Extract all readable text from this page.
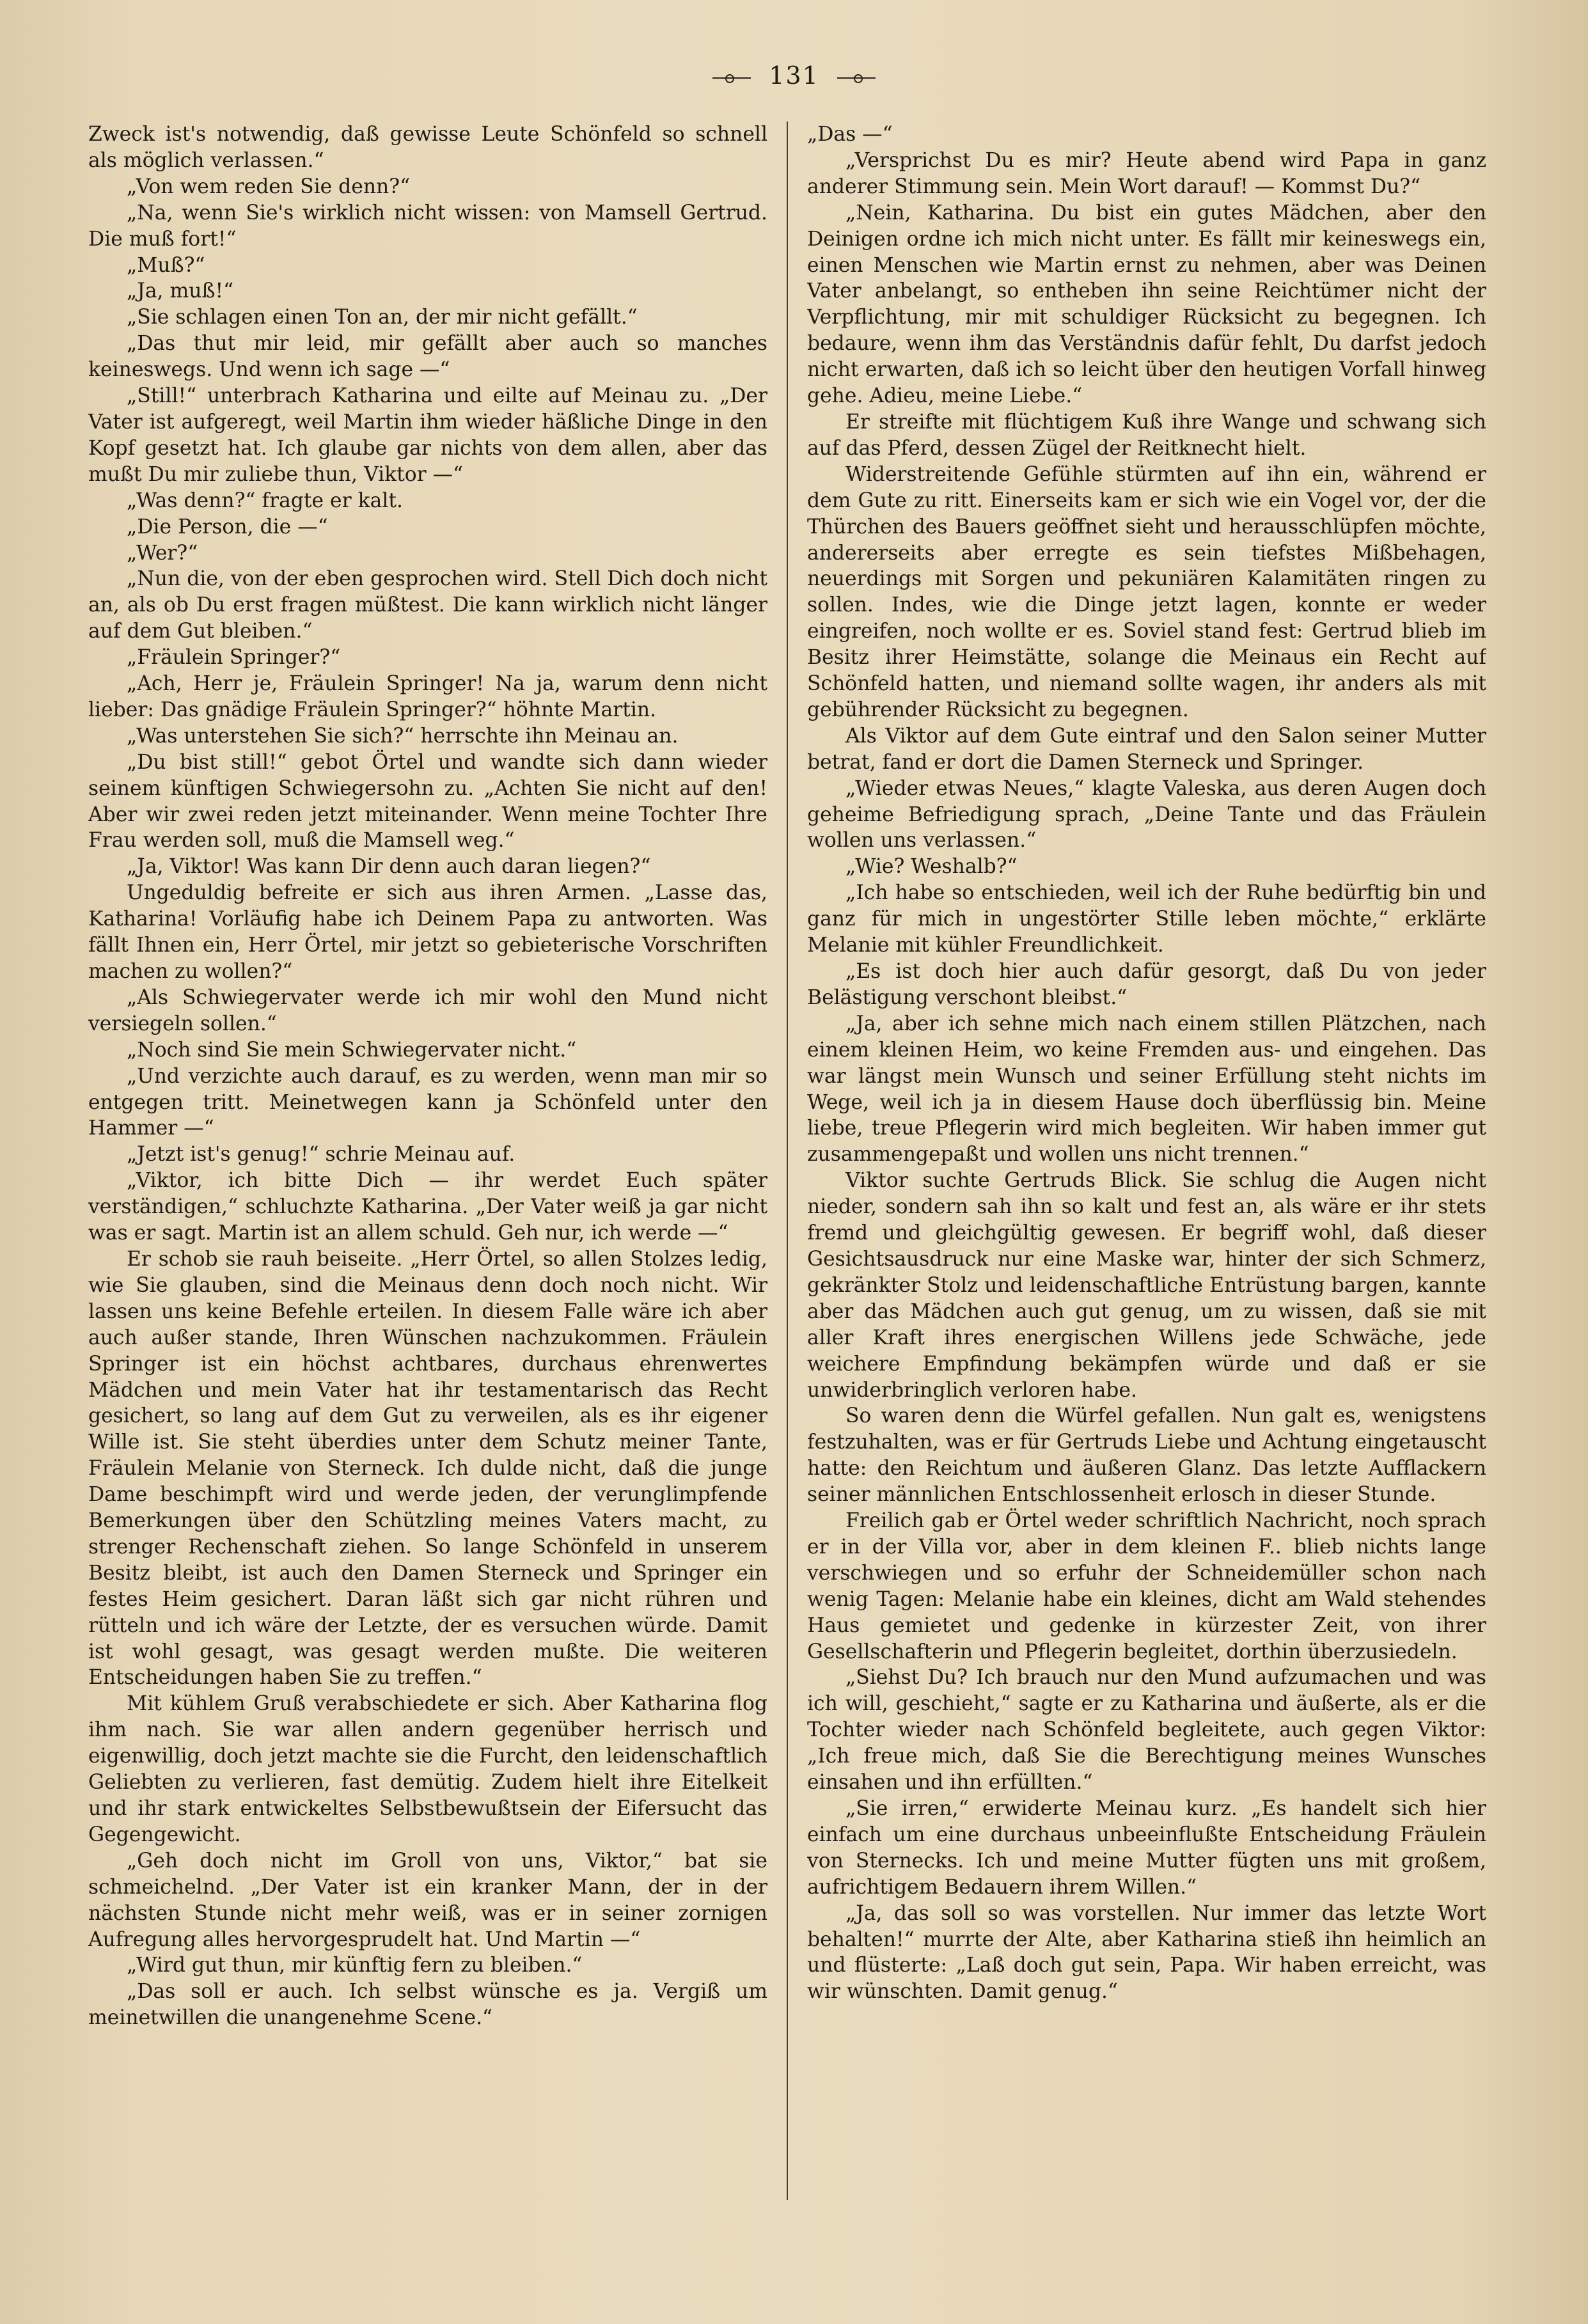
131

Zweck ist's notwendig, daß gewisse Leute Schönfeld so schnell als möglich verlassen.“

„Von wem reden Sie denn?“

„Na, wenn Sie's wirklich nicht wissen: von Mamsell Gertrud. Die muß fort!“

„Muß?“

„Ja, muß!“

„Sie schlagen einen Ton an, der mir nicht gefällt.“

„Das thut mir leid, mir gefällt aber auch so manches keineswegs. Und wenn ich sage —“

„Still!“ unterbrach Katharina und eilte auf Meinau zu. „Der Vater ist aufgeregt, weil Martin ihm wieder häßliche Dinge in den Kopf gesetzt hat. Ich glaube gar nichts von dem allen, aber das mußt Du mir zuliebe thun, Viktor —“

„Was denn?“ fragte er kalt.

„Die Person, die —“

„Wer?“

„Nun die, von der eben gesprochen wird. Stell Dich doch nicht an, als ob Du erst fragen müßtest. Die kann wirklich nicht länger auf dem Gut bleiben.“

„Fräulein Springer?“

„Ach, Herr je, Fräulein Springer! Na ja, warum denn nicht lieber: Das gnädige Fräulein Springer?“ höhnte Martin.

„Was unterstehen Sie sich?“ herrschte ihn Meinau an.

„Du bist still!“ gebot Örtel und wandte sich dann wieder seinem künftigen Schwiegersohn zu. „Achten Sie nicht auf den! Aber wir zwei reden jetzt miteinander. Wenn meine Tochter Ihre Frau werden soll, muß die Mamsell weg.“

„Ja, Viktor! Was kann Dir denn auch daran liegen?“

Ungeduldig befreite er sich aus ihren Armen. „Lasse das, Katharina! Vorläufig habe ich Deinem Papa zu antworten. Was fällt Ihnen ein, Herr Örtel, mir jetzt so gebieterische Vorschriften machen zu wollen?“

„Als Schwiegervater werde ich mir wohl den Mund nicht versiegeln sollen.“

„Noch sind Sie mein Schwiegervater nicht.“

„Und verzichte auch darauf, es zu werden, wenn man mir so entgegen tritt. Meinetwegen kann ja Schönfeld unter den Hammer —“

„Jetzt ist's genug!“ schrie Meinau auf.

„Viktor, ich bitte Dich — ihr werdet Euch später verständigen,“ schluchzte Katharina. „Der Vater weiß ja gar nicht was er sagt. Martin ist an allem schuld. Geh nur, ich werde —“

Er schob sie rauh beiseite. „Herr Örtel, so allen Stolzes ledig, wie Sie glauben, sind die Meinaus denn doch noch nicht. Wir lassen uns keine Befehle erteilen. In diesem Falle wäre ich aber auch außer stande, Ihren Wünschen nachzukommen. Fräulein Springer ist ein höchst achtbares, durchaus ehrenwertes Mädchen und mein Vater hat ihr testamentarisch das Recht gesichert, so lang auf dem Gut zu verweilen, als es ihr eigener Wille ist. Sie steht überdies unter dem Schutz meiner Tante, Fräulein Melanie von Sterneck. Ich dulde nicht, daß die junge Dame beschimpft wird und werde jeden, der verunglimpfende Bemerkungen über den Schützling meines Vaters macht, zu strenger Rechenschaft ziehen. So lange Schönfeld in unserem Besitz bleibt, ist auch den Damen Sterneck und Springer ein festes Heim gesichert. Daran läßt sich gar nicht rühren und rütteln und ich wäre der Letzte, der es versuchen würde. Damit ist wohl gesagt, was gesagt werden mußte. Die weiteren Entscheidungen haben Sie zu treffen.“

Mit kühlem Gruß verabschiedete er sich. Aber Katharina flog ihm nach. Sie war allen andern gegenüber herrisch und eigenwillig, doch jetzt machte sie die Furcht, den leidenschaftlich Geliebten zu verlieren, fast demütig. Zudem hielt ihre Eitelkeit und ihr stark entwickeltes Selbstbewußtsein der Eifersucht das Gegengewicht.

„Geh doch nicht im Groll von uns, Viktor,“ bat sie schmeichelnd. „Der Vater ist ein kranker Mann, der in der nächsten Stunde nicht mehr weiß, was er in seiner zornigen Aufregung alles hervorgesprudelt hat. Und Martin —“

„Wird gut thun, mir künftig fern zu bleiben.“

„Das soll er auch. Ich selbst wünsche es ja. Vergiß um meinetwillen die unangenehme Scene.“

„Das —“

„Versprichst Du es mir? Heute abend wird Papa in ganz anderer Stimmung sein. Mein Wort darauf! — Kommst Du?“

„Nein, Katharina. Du bist ein gutes Mädchen, aber den Deinigen ordne ich mich nicht unter. Es fällt mir keineswegs ein, einen Menschen wie Martin ernst zu nehmen, aber was Deinen Vater anbelangt, so entheben ihn seine Reichtümer nicht der Verpflichtung, mir mit schuldiger Rücksicht zu begegnen. Ich bedaure, wenn ihm das Verständnis dafür fehlt, Du darfst jedoch nicht erwarten, daß ich so leicht über den heutigen Vorfall hinweg gehe. Adieu, meine Liebe.“

Er streifte mit flüchtigem Kuß ihre Wange und schwang sich auf das Pferd, dessen Zügel der Reitknecht hielt.

Widerstreitende Gefühle stürmten auf ihn ein, während er dem Gute zu ritt. Einerseits kam er sich wie ein Vogel vor, der die Thürchen des Bauers geöffnet sieht und herausschlüpfen möchte, andererseits aber erregte es sein tiefstes Mißbehagen, neuerdings mit Sorgen und pekuniären Kalamitäten ringen zu sollen. Indes, wie die Dinge jetzt lagen, konnte er weder eingreifen, noch wollte er es. Soviel stand fest: Gertrud blieb im Besitz ihrer Heimstätte, solange die Meinaus ein Recht auf Schönfeld hatten, und niemand sollte wagen, ihr anders als mit gebührender Rücksicht zu begegnen.

Als Viktor auf dem Gute eintraf und den Salon seiner Mutter betrat, fand er dort die Damen Sterneck und Springer.

„Wieder etwas Neues,“ klagte Valeska, aus deren Augen doch geheime Befriedigung sprach, „Deine Tante und das Fräulein wollen uns verlassen.“

„Wie? Weshalb?“

„Ich habe so entschieden, weil ich der Ruhe bedürftig bin und ganz für mich in ungestörter Stille leben möchte,“ erklärte Melanie mit kühler Freundlichkeit.

„Es ist doch hier auch dafür gesorgt, daß Du von jeder Belästigung verschont bleibst.“

„Ja, aber ich sehne mich nach einem stillen Plätzchen, nach einem kleinen Heim, wo keine Fremden aus- und eingehen. Das war längst mein Wunsch und seiner Erfüllung steht nichts im Wege, weil ich ja in diesem Hause doch überflüssig bin. Meine liebe, treue Pflegerin wird mich begleiten. Wir haben immer gut zusammengepaßt und wollen uns nicht trennen.“

Viktor suchte Gertruds Blick. Sie schlug die Augen nicht nieder, sondern sah ihn so kalt und fest an, als wäre er ihr stets fremd und gleichgültig gewesen. Er begriff wohl, daß dieser Gesichtsausdruck nur eine Maske war, hinter der sich Schmerz, gekränkter Stolz und leidenschaftliche Entrüstung bargen, kannte aber das Mädchen auch gut genug, um zu wissen, daß sie mit aller Kraft ihres energischen Willens jede Schwäche, jede weichere Empfindung bekämpfen würde und daß er sie unwiderbringlich verloren habe.

So waren denn die Würfel gefallen. Nun galt es, wenigstens festzuhalten, was er für Gertruds Liebe und Achtung eingetauscht hatte: den Reichtum und äußeren Glanz. Das letzte Aufflackern seiner männlichen Entschlossenheit erlosch in dieser Stunde.

Freilich gab er Örtel weder schriftlich Nachricht, noch sprach er in der Villa vor, aber in dem kleinen F.. blieb nichts lange verschwiegen und so erfuhr der Schneidemüller schon nach wenig Tagen: Melanie habe ein kleines, dicht am Wald stehendes Haus gemietet und gedenke in kürzester Zeit, von ihrer Gesellschafterin und Pflegerin begleitet, dorthin überzusiedeln.

„Siehst Du? Ich brauch nur den Mund aufzumachen und was ich will, geschieht,“ sagte er zu Katharina und äußerte, als er die Tochter wieder nach Schönfeld begleitete, auch gegen Viktor: „Ich freue mich, daß Sie die Berechtigung meines Wunsches einsahen und ihn erfüllten.“

„Sie irren,“ erwiderte Meinau kurz. „Es handelt sich hier einfach um eine durchaus unbeeinflußte Entscheidung Fräulein von Sternecks. Ich und meine Mutter fügten uns mit großem, aufrichtigem Bedauern ihrem Willen.“

„Ja, das soll so was vorstellen. Nur immer das letzte Wort behalten!“ murrte der Alte, aber Katharina stieß ihn heimlich an und flüsterte: „Laß doch gut sein, Papa. Wir haben erreicht, was wir wünschten. Damit genug.“
